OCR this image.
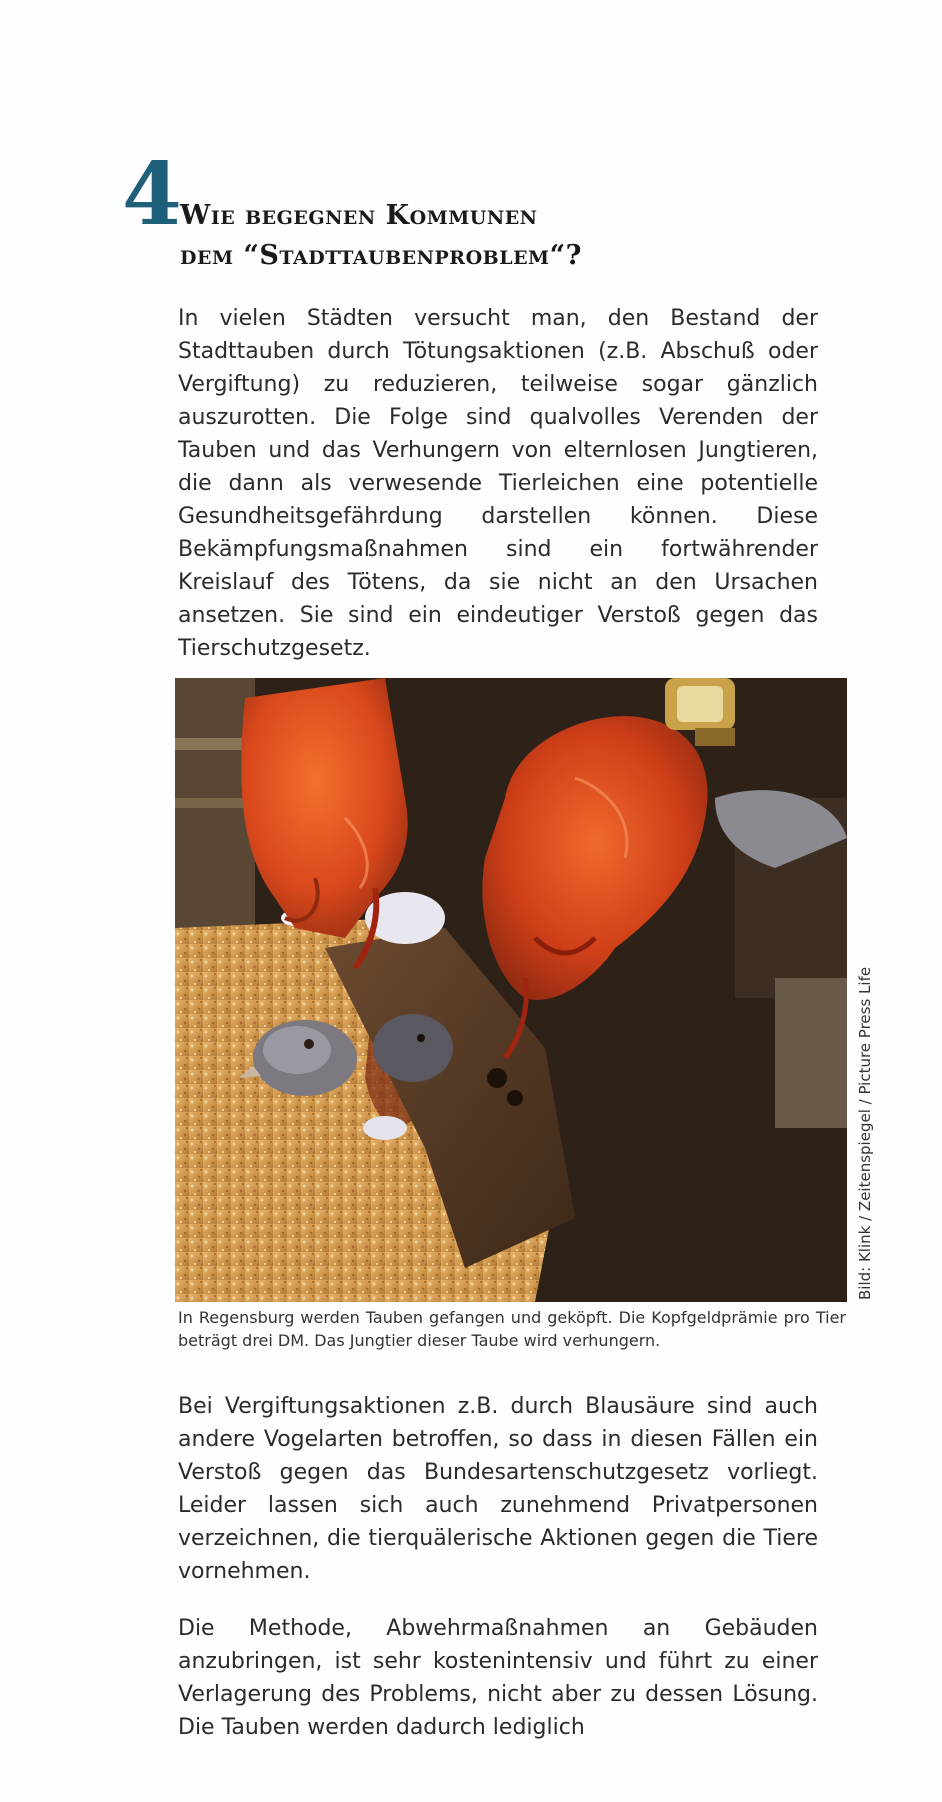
4
Wie begegnen Kommunen
dem “Stadttaubenproblem“?

In vielen Städten versucht man, den Bestand der Stadttauben durch Tötungsaktionen (z.B. Abschuß oder Vergiftung) zu reduzieren, teilweise sogar gänzlich auszurotten. Die Folge sind qualvolles Verenden der Tauben und das Verhungern von elternlosen Jungtieren, die dann als verwesende Tierleichen eine potentielle Gesundheitsgefährdung darstellen können. Diese Bekämpfungsmaßnahmen sind ein fortwährender Kreislauf des Tötens, da sie nicht an den Ursachen ansetzen. Sie sind ein eindeutiger Verstoß gegen das Tierschutzgesetz.

Bild: Klink / Zeitenspiegel / Picture Press Life

In Regensburg werden Tauben gefangen und geköpft. Die Kopfgeldprämie pro Tier beträgt drei DM. Das Jungtier dieser Taube wird verhungern.

Bei Vergiftungsaktionen z.B. durch Blausäure sind auch andere Vogelarten betroffen, so dass in diesen Fällen ein Verstoß gegen das Bundesartenschutzgesetz vorliegt. Leider lassen sich auch zunehmend Privatpersonen verzeichnen, die tierquälerische Aktionen gegen die Tiere vornehmen.

Die Methode, Abwehrmaßnahmen an Gebäuden anzubringen, ist sehr kostenintensiv und führt zu einer Verlagerung des Problems, nicht aber zu dessen Lösung. Die Tauben werden dadurch lediglich
